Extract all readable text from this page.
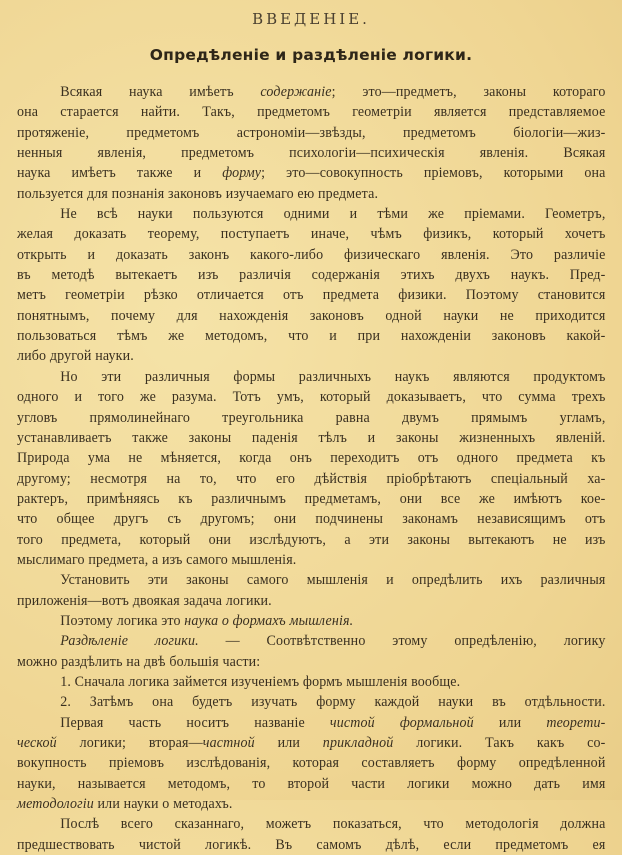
ВВЕДЕНІЕ.
Опредѣленіе и раздѣленіе логики.
Всякая наука имѣетъ содержаніе; это—предметъ, законы котораго
она старается найти. Такъ, предметомъ геометріи является представляемое
протяженіе, предметомъ астрономіи—звѣзды, предметомъ біологіи—жиз-
ненныя явленія, предметомъ психологіи—психическія явленія. Всякая
наука имѣетъ также и форму; это—совокупность пріемовъ, которыми она
пользуется для познанія законовъ изучаемаго ею предмета.
Не всѣ науки пользуются одними и тѣми же пріемами. Геометръ,
желая доказать теорему, поступаетъ иначе, чѣмъ физикъ, который хочетъ
открыть и доказать законъ какого-либо физическаго явленія. Это различіе
въ методѣ вытекаетъ изъ различія содержанія этихъ двухъ наукъ. Пред-
метъ геометріи рѣзко отличается отъ предмета физики. Поэтому становится
понятнымъ, почему для нахожденія законовъ одной науки не приходится
пользоваться тѣмъ же методомъ, что и при нахожденіи законовъ какой-
либо другой науки.
Но эти различныя формы различныхъ наукъ являются продуктомъ
одного и того же разума. Тотъ умъ, который доказываетъ, что сумма трехъ
угловъ прямолинейнаго треугольника равна двумъ прямымъ угламъ,
устанавливаетъ также законы паденія тѣлъ и законы жизненныхъ явленій.
Природа ума не мѣняется, когда онъ переходитъ отъ одного предмета къ
другому; несмотря на то, что его дѣйствія пріобрѣтаютъ спеціальный ха-
рактеръ, примѣняясь къ различнымъ предметамъ, они все же имѣютъ кое-
что общее другъ съ другомъ; они подчинены законамъ независящимъ отъ
того предмета, который они изслѣдуютъ, а эти законы вытекаютъ не изъ
мыслимаго предмета, а изъ самого мышленія.
Установить эти законы самого мышленія и опредѣлить ихъ различныя
приложенія—вотъ двоякая задача логики.
Поэтому логика это наука о формахъ мышленія.
Раздѣленіе логики. — Соотвѣтственно этому опредѣленію, логику
можно раздѣлить на двѣ большія части:
1. Сначала логика займется изученіемъ формъ мышленія вообще.
2. Затѣмъ она будетъ изучать форму каждой науки въ отдѣльности.
Первая часть носитъ названіе чистой формальной или теорети-
ческой логики; вторая—частной или прикладной логики. Такъ какъ со-
вокупность пріемовъ изслѣдованія, которая составляетъ форму опредѣленной
науки, называется методомъ, то второй части логики можно дать имя
методологіи или науки о методахъ.
Послѣ всего сказаннаго, можетъ показаться, что методологія должна
предшествовать чистой логикѣ. Въ самомъ дѣлѣ, если предметомъ ея
